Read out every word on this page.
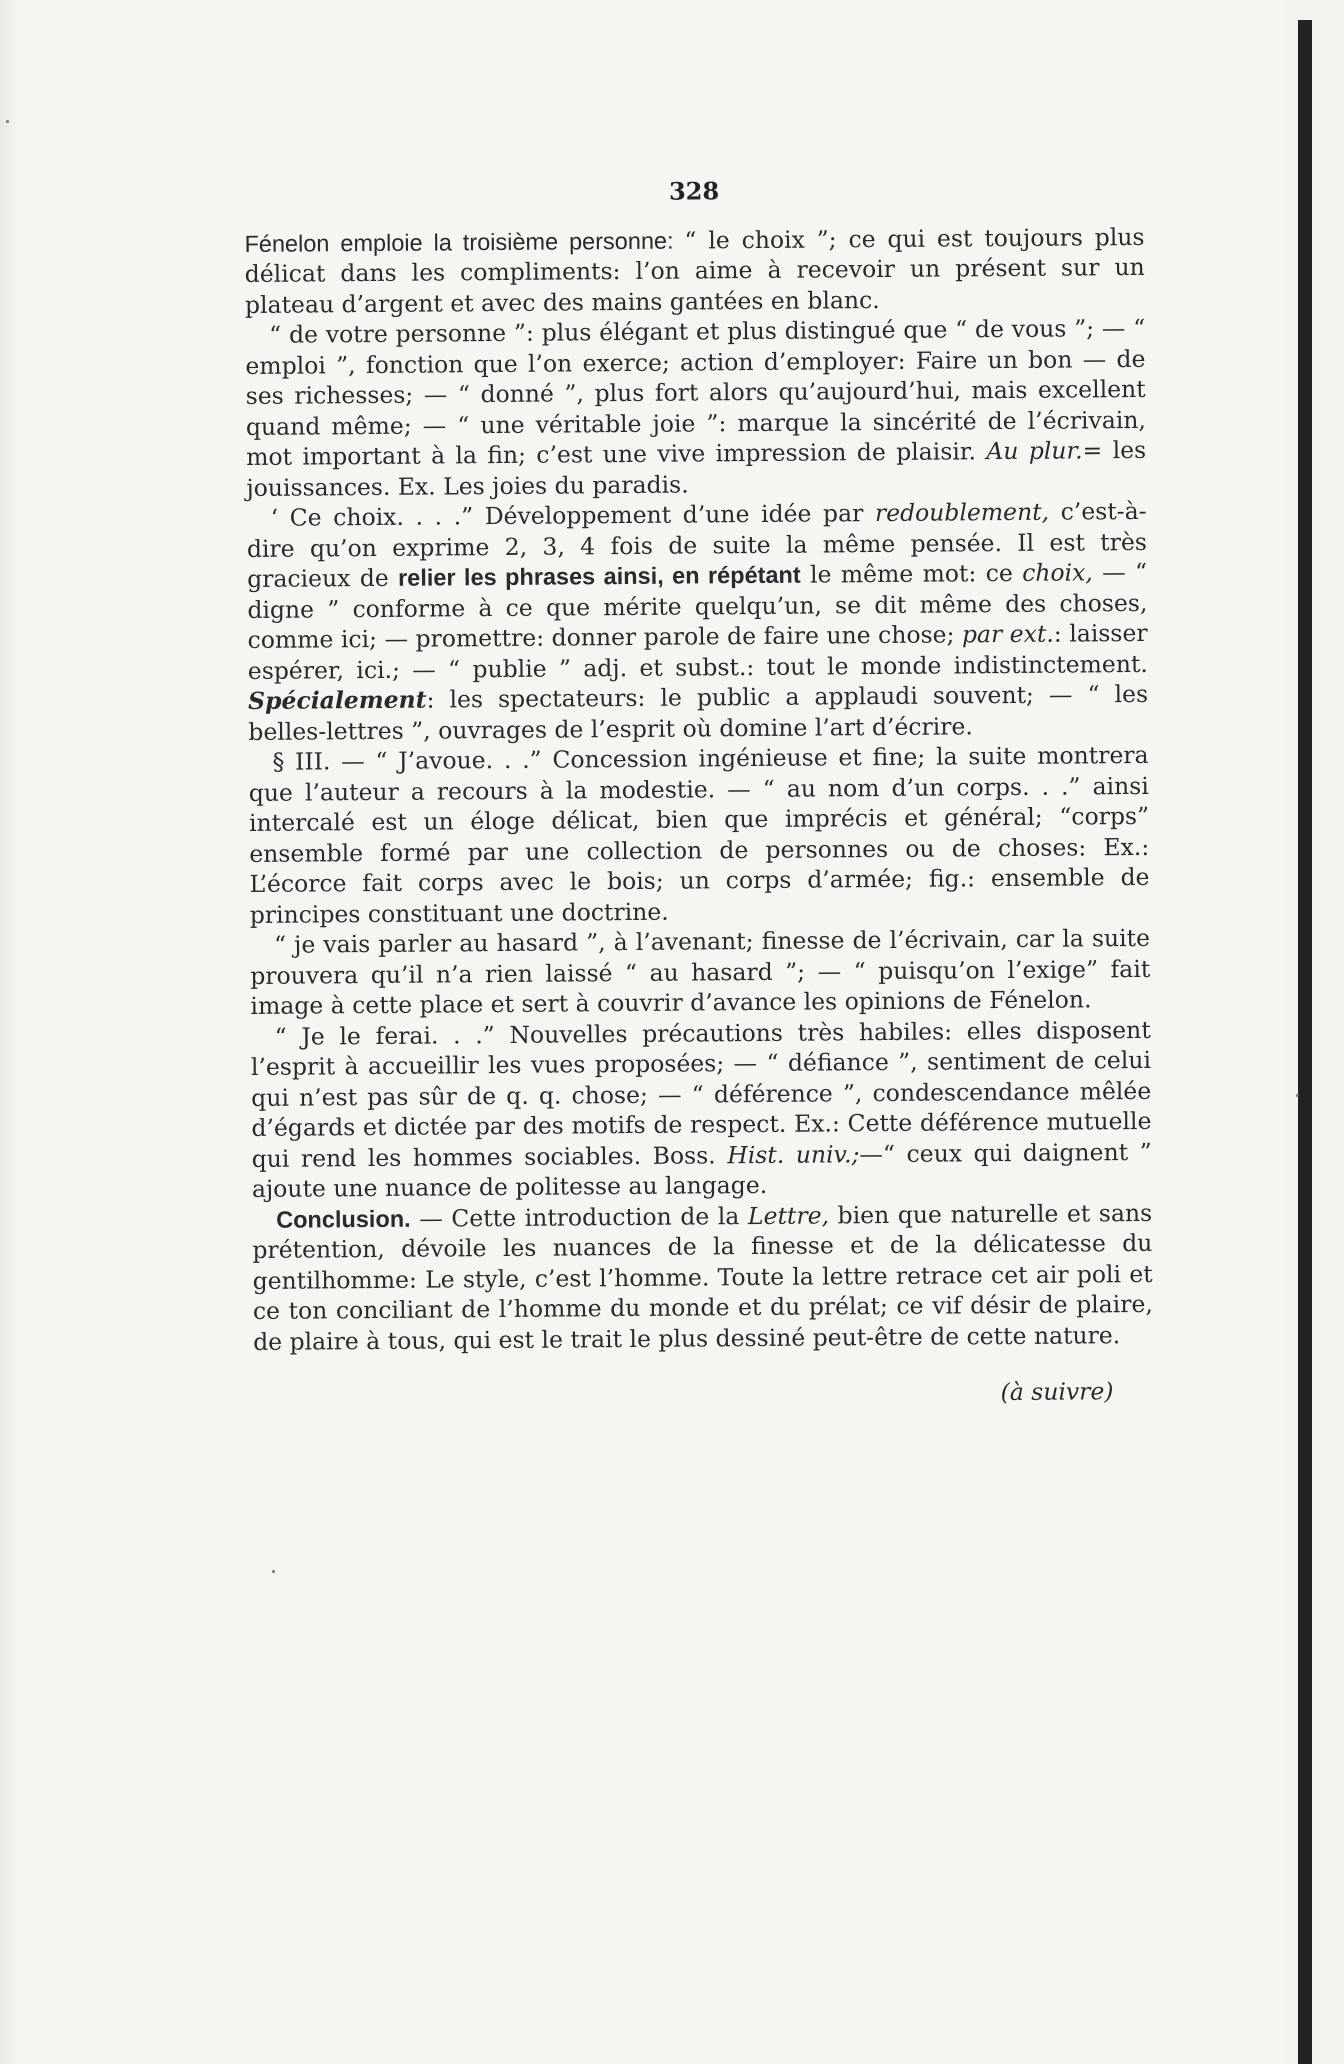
328

Fénelon emploie la troisième personne: “ le choix ”; ce qui est toujours plus délicat dans les compliments: l’on aime à recevoir un présent sur un plateau d’argent et avec des mains gantées en blanc.

“ de votre personne ”: plus élégant et plus distingué que “ de vous ”; — “ emploi ”, fonction que l’on exerce; action d’employer: Faire un bon — de ses richesses; — “ donné ”, plus fort alors qu’aujourd’hui, mais excellent quand même; — “ une véritable joie ”: marque la sincérité de l’écrivain, mot important à la fin; c’est une vive impression de plaisir. Au plur.= les jouissances. Ex. Les joies du paradis.

‘ Ce choix. . . .” Développement d’une idée par redoublement, c’est-à-dire qu’on exprime 2, 3, 4 fois de suite la même pensée. Il est très gracieux de relier les phrases ainsi, en répétant le même mot: ce choix, — “ digne ” conforme à ce que mérite quelqu’un, se dit même des choses, comme ici; — promettre: donner parole de faire une chose; par ext.: laisser espérer, ici.; — “ publie ” adj. et subst.: tout le monde indistinctement. Spécialement: les spectateurs: le public a applaudi souvent; — “ les belles-lettres ”, ouvrages de l’esprit où domine l’art d’écrire.

§ III. — “ J’avoue. . .” Concession ingénieuse et fine; la suite montrera que l’auteur a recours à la modestie. — “ au nom d’un corps. . .” ainsi intercalé est un éloge délicat, bien que imprécis et général; “corps” ensemble formé par une collection de personnes ou de choses: Ex.: L’écorce fait corps avec le bois; un corps d’armée; fig.: ensemble de principes constituant une doctrine.

“ je vais parler au hasard ”, à l’avenant; finesse de l’écrivain, car la suite prouvera qu’il n’a rien laissé “ au hasard ”; — “ puisqu’on l’exige” fait image à cette place et sert à couvrir d’avance les opinions de Fénelon.

“ Je le ferai. . .” Nouvelles précautions très habiles: elles disposent l’esprit à accueillir les vues proposées; — “ défiance ”, sentiment de celui qui n’est pas sûr de q. q. chose; — “ déférence ”, condescendance mêlée d’égards et dictée par des motifs de respect. Ex.: Cette déférence mutuelle qui rend les hommes sociables. Boss. Hist. univ.;—“ ceux qui daignent ” ajoute une nuance de politesse au langage.

Conclusion. — Cette introduction de la Lettre, bien que naturelle et sans prétention, dévoile les nuances de la finesse et de la délicatesse du gentilhomme: Le style, c’est l’homme. Toute la lettre retrace cet air poli et ce ton conciliant de l’homme du monde et du prélat; ce vif désir de plaire, de plaire à tous, qui est le trait le plus dessiné peut-être de cette nature.

(à suivre)
